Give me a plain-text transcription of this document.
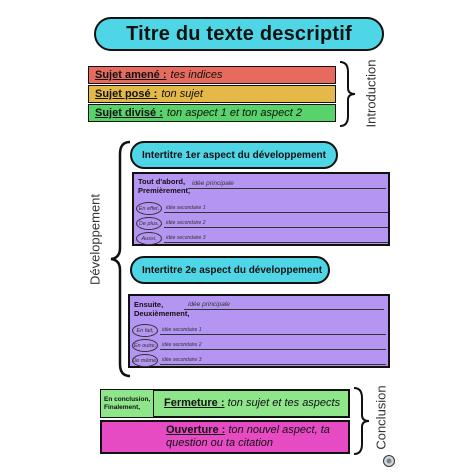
Titre du texte descriptif
Sujet amené : tes indices
Sujet posé : ton sujet
Sujet divisé : ton aspect 1 et ton aspect 2	Introduction
Développement
Intertitre 1er aspect du développement
Tout d'abord, Premièrement,
idée principale
En effet,	idée secondaire 1
De plus,	idée secondaire 2
Aussi,	idée secondaire 3
Intertitre 2e aspect du développement
Ensuite, Deuxièmement,
idée principale
En fait,	idée secondaire 1
En outre,	idée secondaire 2
De même, idée secondaire 3
Fermeture : ton sujet et tes aspects
En conclusion, Finalement,
Ouverture : ton nouvel aspect, ta question ou ta citation	Conclusion
